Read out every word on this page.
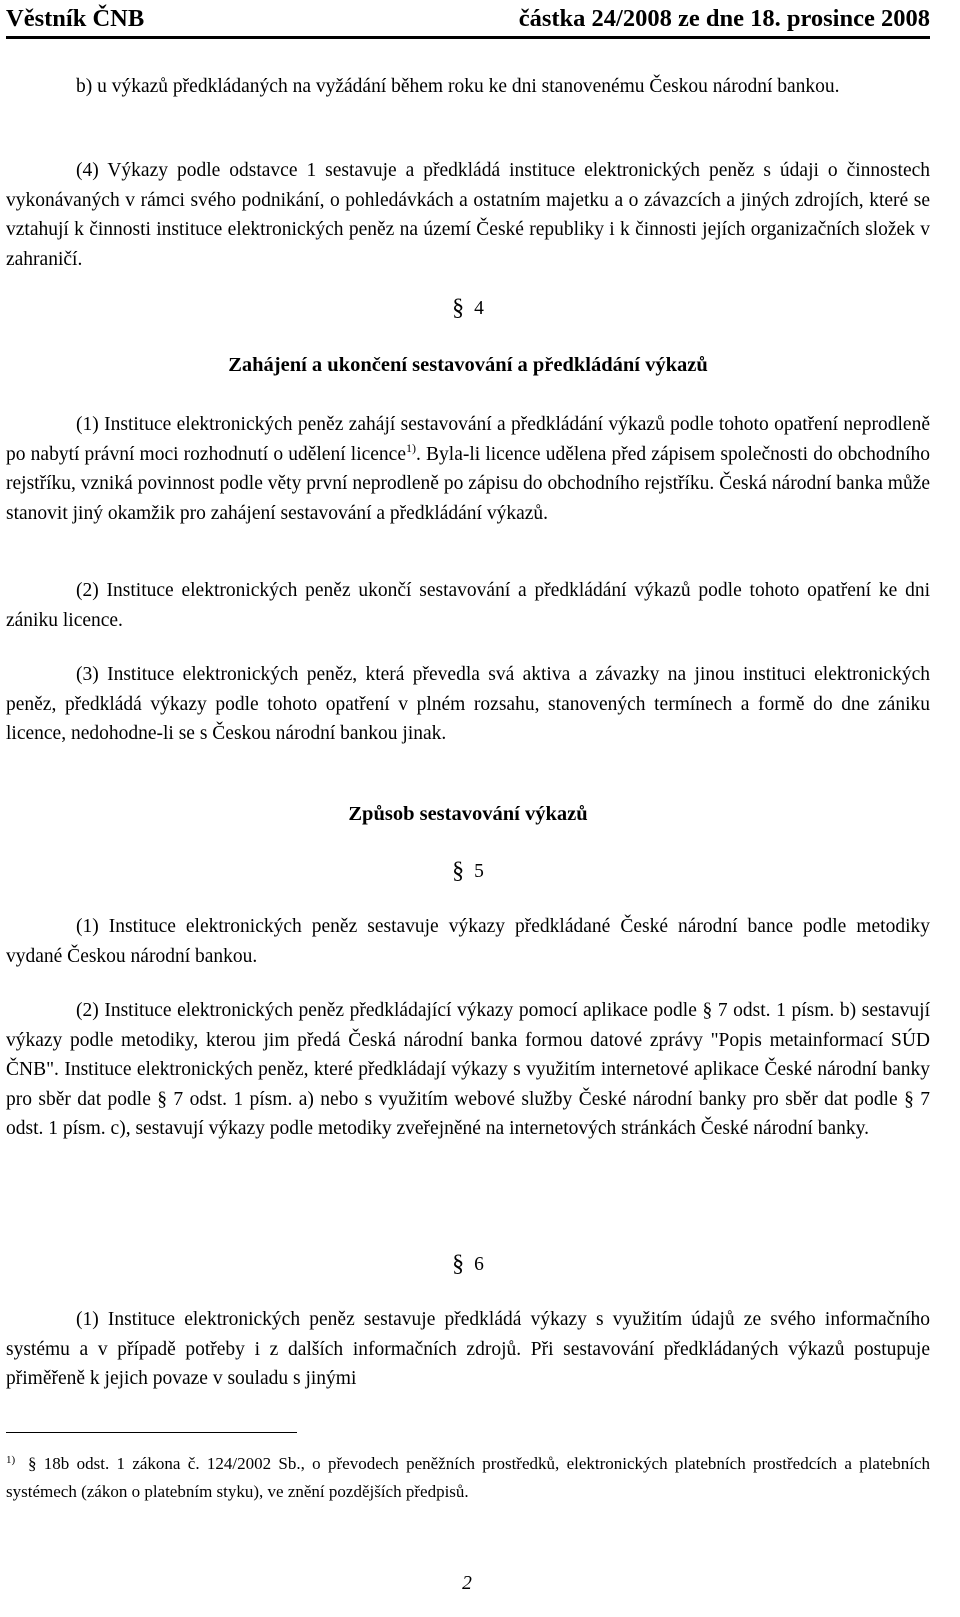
Věstník ČNB	částka 24/2008 ze dne 18. prosince 2008

b) u výkazů předkládaných na vyžádání během roku ke dni stanovenému Českou národní bankou.

(4) Výkazy podle odstavce 1 sestavuje a předkládá instituce elektronických peněz s údaji o činnostech vykonávaných v rámci svého podnikání, o pohledávkách a ostatním majetku a o závazcích a jiných zdrojích, které se vztahují k činnosti instituce elektronických peněz na území České republiky i k činnosti jejích organizačních složek v zahraničí.

§ 4
Zahájení a ukončení sestavování a předkládání výkazů

(1) Instituce elektronických peněz zahájí sestavování a předkládání výkazů podle tohoto opatření neprodleně po nabytí právní moci rozhodnutí o udělení licence$^{1)}$. Byla-li licence udělena před zápisem společnosti do obchodního rejstříku, vzniká povinnost podle věty první neprodleně po zápisu do obchodního rejstříku. Česká národní banka může stanovit jiný okamžik pro zahájení sestavování a předkládání výkazů.

(2) Instituce elektronických peněz ukončí sestavování a předkládání výkazů podle tohoto opatření ke dni zániku licence.

(3) Instituce elektronických peněz, která převedla svá aktiva a závazky na jinou instituci elektronických peněz, předkládá výkazy podle tohoto opatření v plném rozsahu, stanovených termínech a formě do dne zániku licence, nedohodne-li se s Českou národní bankou jinak.

Způsob sestavování výkazů
§ 5

(1) Instituce elektronických peněz sestavuje výkazy předkládané České národní bance podle metodiky vydané Českou národní bankou.

(2) Instituce elektronických peněz předkládající výkazy pomocí aplikace podle § 7 odst. 1 písm. b) sestavují výkazy podle metodiky, kterou jim předá Česká národní banka formou datové zprávy "Popis metainformací SÚD ČNB". Instituce elektronických peněz, které předkládají výkazy s využitím internetové aplikace České národní banky pro sběr dat podle § 7 odst. 1 písm. a) nebo s využitím webové služby České národní banky pro sběr dat podle § 7 odst. 1 písm. c), sestavují výkazy podle metodiky zveřejněné na internetových stránkách České národní banky.

§ 6

(1) Instituce elektronických peněz sestavuje předkládá výkazy s využitím údajů ze svého informačního systému a v případě potřeby i z dalších informačních zdrojů. Při sestavování předkládaných výkazů postupuje přiměřeně k jejich povaze v souladu s jinými

1) § 18b odst. 1 zákona č. 124/2002 Sb., o převodech peněžních prostředků, elektronických platebních prostředcích a platebních systémech (zákon o platebním styku), ve znění pozdějších předpisů.
2
